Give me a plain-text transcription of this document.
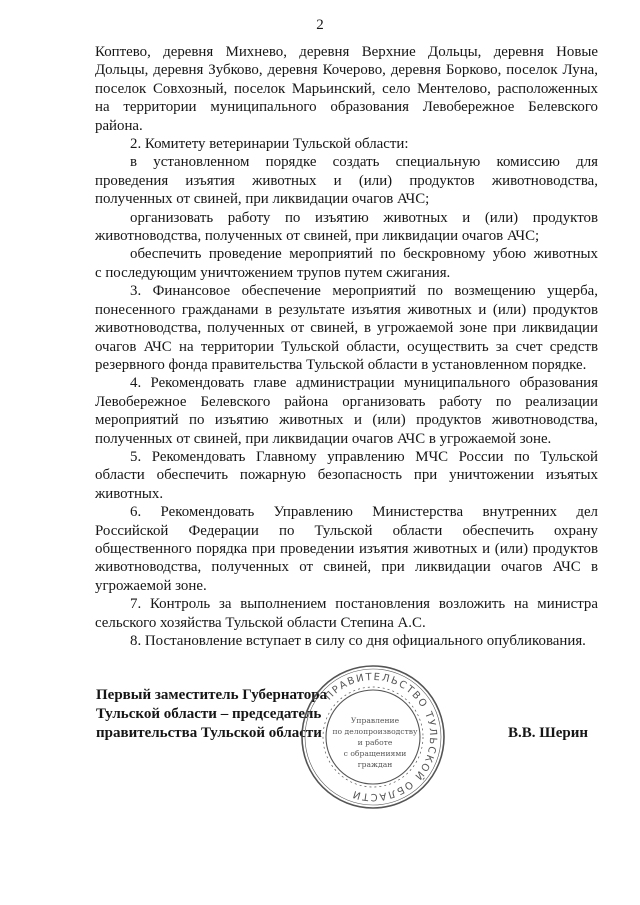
2
Коптево, деревня Михнево, деревня Верхние Дольцы, деревня Новые
Дольцы, деревня Зубково, деревня Кочерово, деревня Борково, поселок Луна,
поселок Совхозный, поселок Марьинский, село Ментелово, расположенных
на территории муниципального образования Левобережное Белевского
района.
2. Комитету ветеринарии Тульской области:
в установленном порядке создать специальную комиссию для
проведения изъятия животных и (или) продуктов животноводства,
полученных от свиней, при ликвидации очагов АЧС;
организовать работу по изъятию животных и (или) продуктов
животноводства, полученных от свиней, при ликвидации очагов АЧС;
обеспечить проведение мероприятий по бескровному убою животных
с последующим уничтожением трупов путем сжигания.
3. Финансовое обеспечение мероприятий по возмещению ущерба,
понесенного гражданами в результате изъятия животных и (или) продуктов
животноводства, полученных от свиней, в угрожаемой зоне при ликвидации
очагов АЧС на территории Тульской области, осуществить за счет средств
резервного фонда правительства Тульской области в установленном порядке.
4. Рекомендовать главе администрации муниципального образования
Левобережное Белевского района организовать работу по реализации
мероприятий по изъятию животных и (или) продуктов животноводства,
полученных от свиней, при ликвидации очагов АЧС в угрожаемой зоне.
5. Рекомендовать Главному управлению МЧС России по Тульской
области обеспечить пожарную безопасность при уничтожении изъятых
животных.
6. Рекомендовать Управлению Министерства внутренних дел
Российской Федерации по Тульской области обеспечить охрану
общественного порядка при проведении изъятия животных и (или) продуктов
животноводства, полученных от свиней, при ликвидации очагов АЧС в
угрожаемой зоне.
7. Контроль за выполнением постановления возложить на министра
сельского хозяйства Тульской области Степина А.С.
8. Постановление вступает в силу со дня официального опубликования.
Первый заместитель Губернатора
Тульской области – председатель
правительства Тульской области	В.В. Шерин
ПРАВИТЕЛЬСТВО ТУЛЬСКОЙ ОБЛАСТИ
Управление
по делопроизводству
и работе
с обращениями
граждан
